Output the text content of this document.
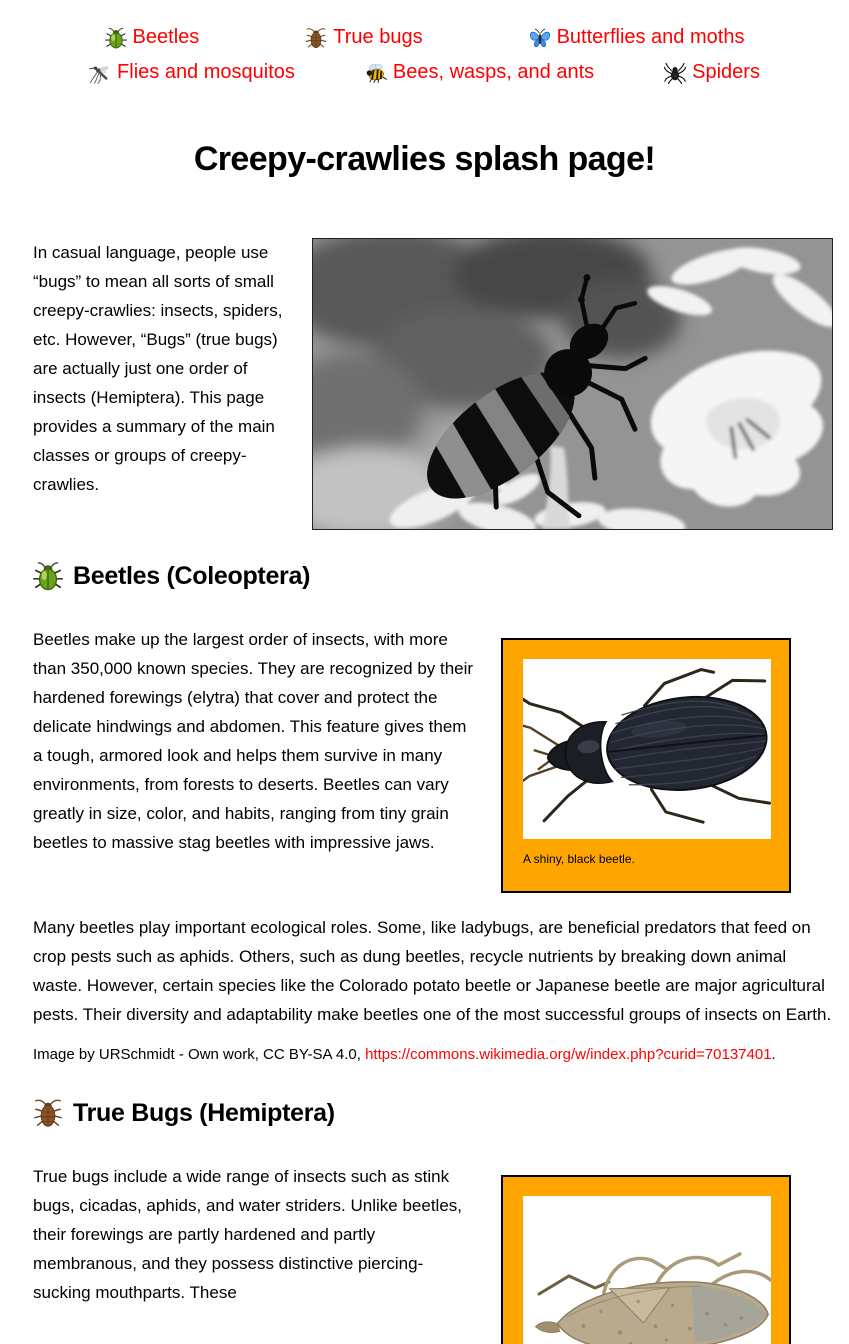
Beetles	True bugs	Butterflies and moths
Flies and mosquitos	Bees, wasps, and ants	Spiders
Creepy-crawlies splash page!

In casual language, people use “bugs” to mean all sorts of small creepy-crawlies: insects, spiders, etc. However, “Bugs” (true bugs) are actually just one order of insects (Hemiptera). This page provides a summary of the main classes or groups of creepy-crawlies.

Beetles (Coleoptera)

Beetles make up the largest order of insects, with more than 350,000 known species. They are recognized by their hardened forewings (elytra) that cover and protect the delicate hindwings and abdomen. This feature gives them a tough, armored look and helps them survive in many environments, from forests to deserts. Beetles can vary greatly in size, color, and habits, ranging from tiny grain beetles to massive stag beetles with impressive jaws.

A shiny, black beetle.

Many beetles play important ecological roles. Some, like ladybugs, are beneficial predators that feed on crop pests such as aphids. Others, such as dung beetles, recycle nutrients by breaking down animal waste. However, certain species like the Colorado potato beetle or Japanese beetle are major agricultural pests. Their diversity and adaptability make beetles one of the most successful groups of insects on Earth.

Image by URSchmidt - Own work, CC BY-SA 4.0, https://commons.wikimedia.org/w/index.php?curid=70137401.

True Bugs (Hemiptera)

True bugs include a wide range of insects such as stink bugs, cicadas, aphids, and water striders. Unlike beetles, their forewings are partly hardened and partly membranous, and they possess distinctive piercing-sucking mouthparts. These
